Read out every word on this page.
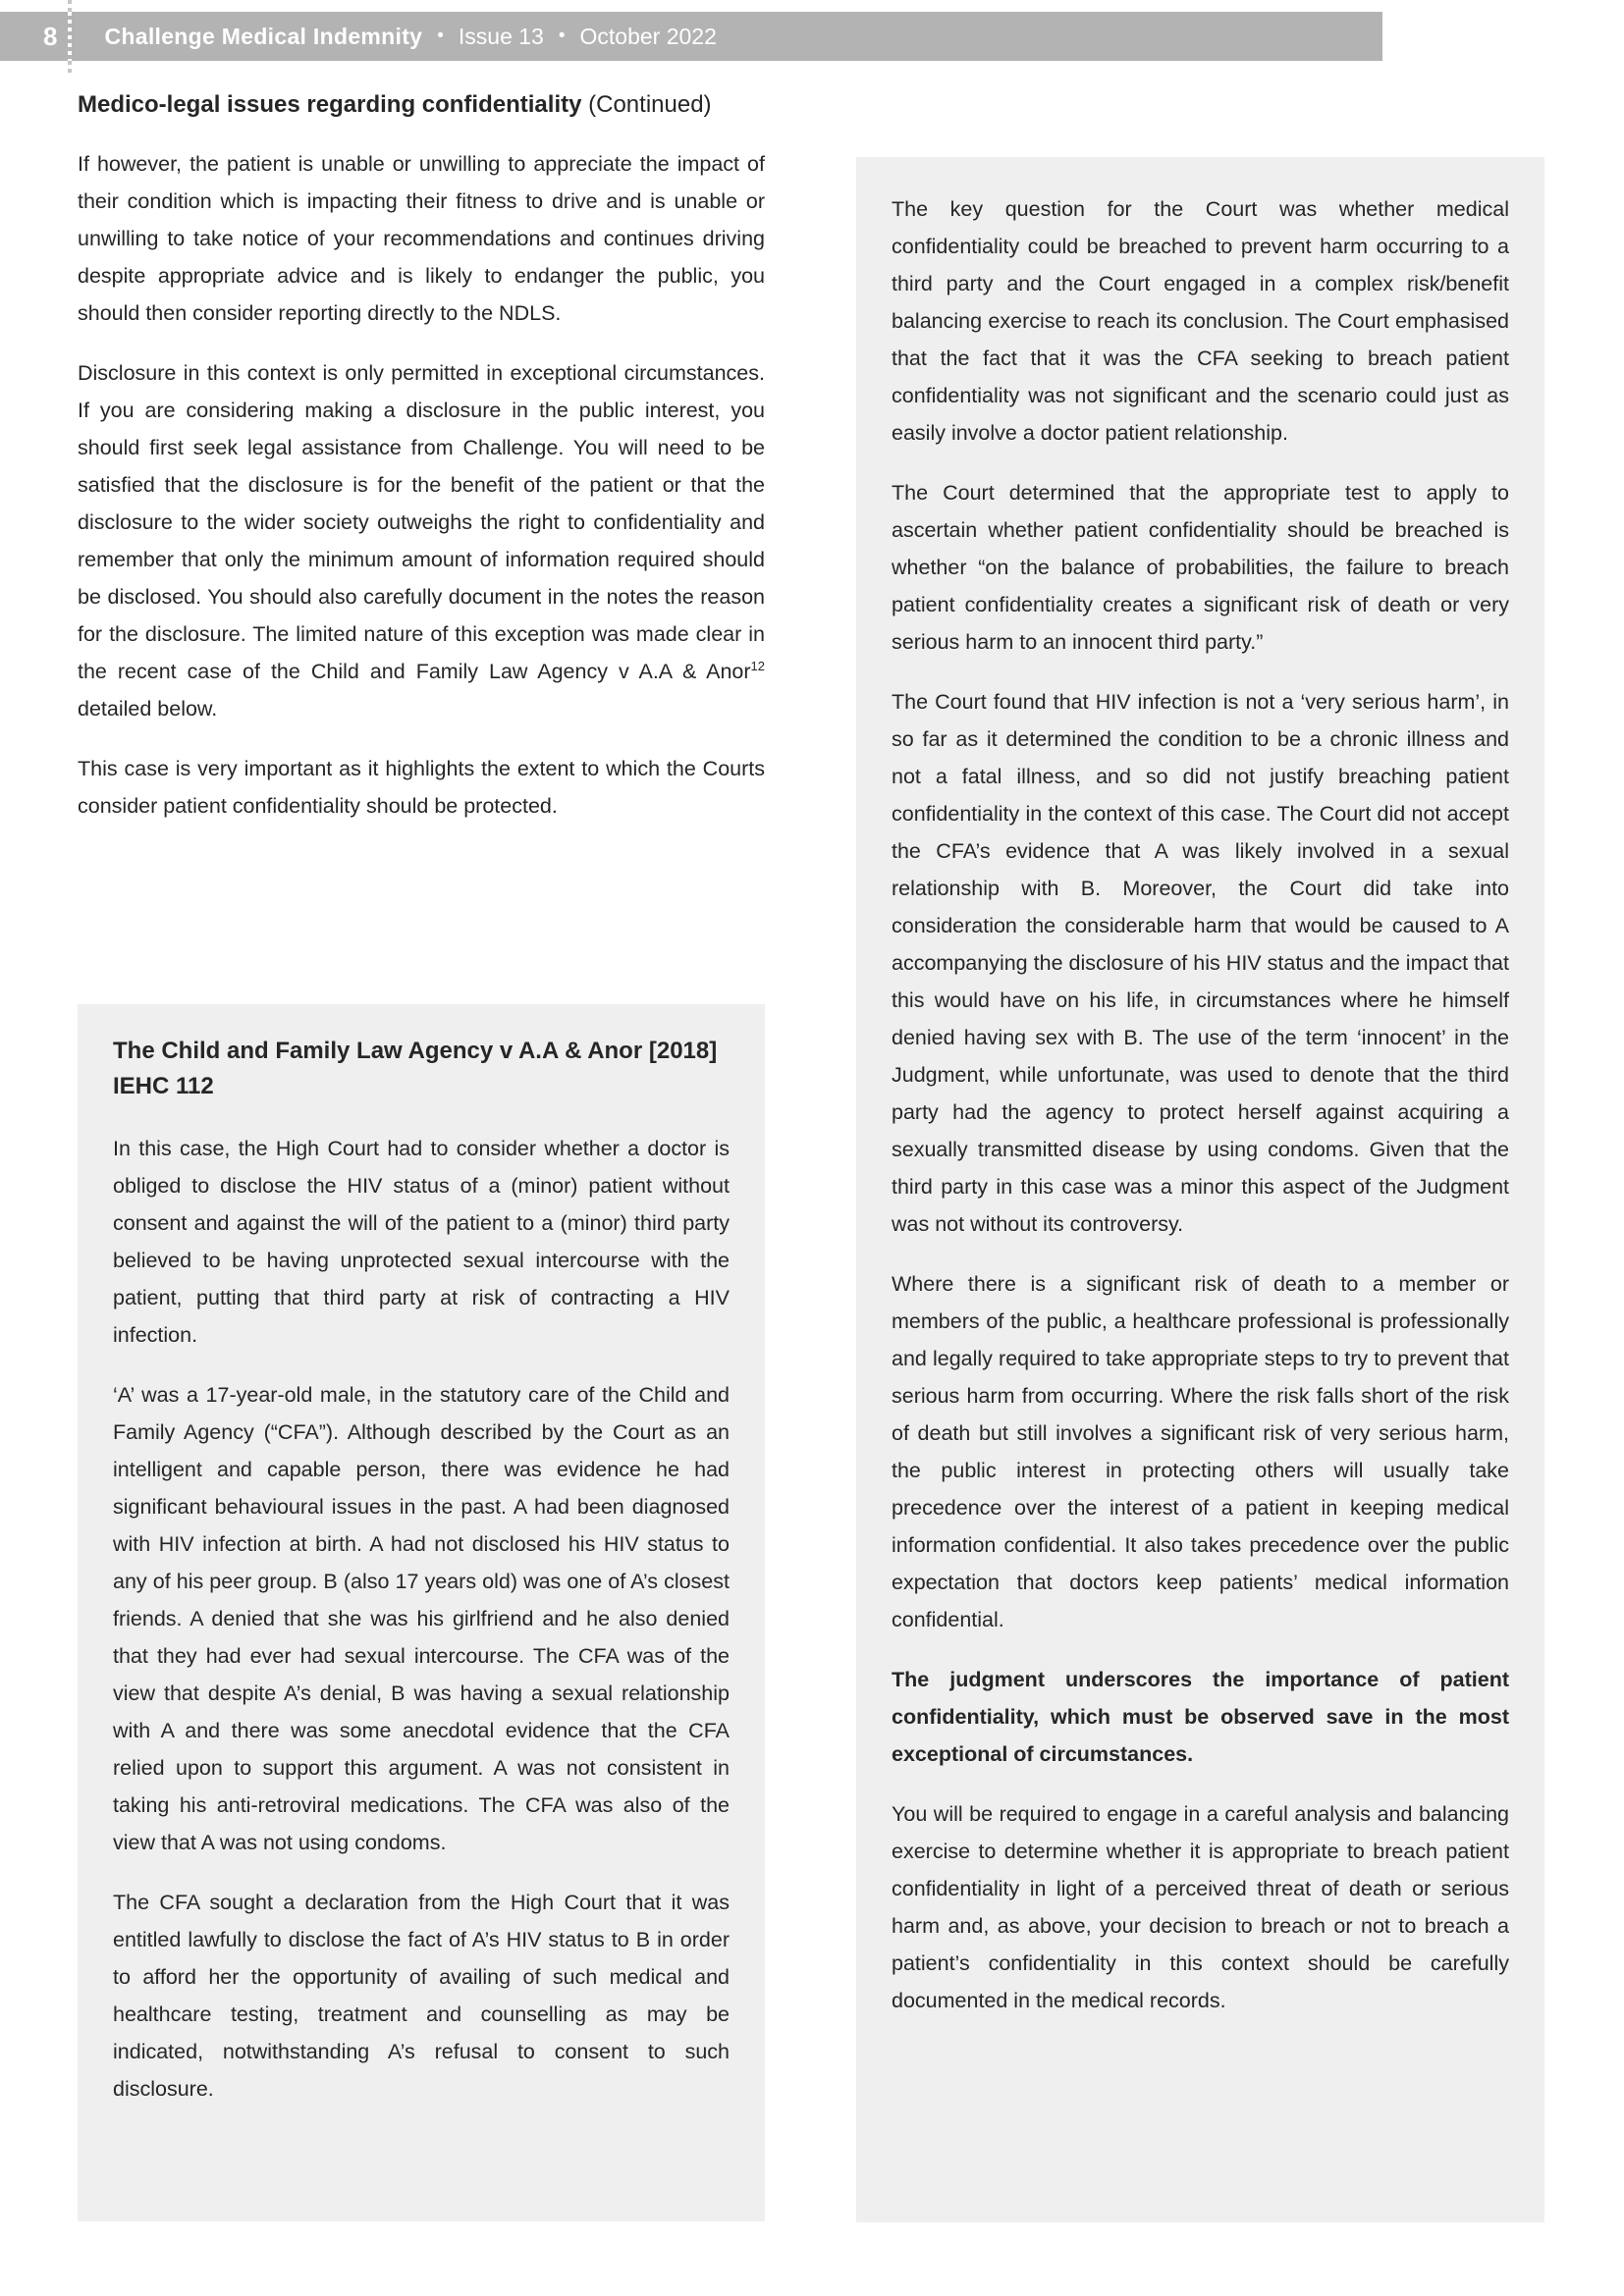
8 Challenge Medical Indemnity • Issue 13 • October 2022
Medico-legal issues regarding confidentiality (Continued)

If however, the patient is unable or unwilling to appreciate the impact of their condition which is impacting their fitness to drive and is unable or unwilling to take notice of your recommendations and continues driving despite appropriate advice and is likely to endanger the public, you should then consider reporting directly to the NDLS.

Disclosure in this context is only permitted in exceptional circumstances. If you are considering making a disclosure in the public interest, you should first seek legal assistance from Challenge. You will need to be satisfied that the disclosure is for the benefit of the patient or that the disclosure to the wider society outweighs the right to confidentiality and remember that only the minimum amount of information required should be disclosed. You should also carefully document in the notes the reason for the disclosure. The limited nature of this exception was made clear in the recent case of the Child and Family Law Agency v A.A & Anor$^{12}$ detailed below.

This case is very important as it highlights the extent to which the Courts consider patient confidentiality should be protected.

The Child and Family Law Agency v A.A & Anor [2018] IEHC 112

In this case, the High Court had to consider whether a doctor is obliged to disclose the HIV status of a (minor) patient without consent and against the will of the patient to a (minor) third party believed to be having unprotected sexual intercourse with the patient, putting that third party at risk of contracting a HIV infection.

‘A’ was a 17-year-old male, in the statutory care of the Child and Family Agency (“CFA”). Although described by the Court as an intelligent and capable person, there was evidence he had significant behavioural issues in the past. A had been diagnosed with HIV infection at birth. A had not disclosed his HIV status to any of his peer group. B (also 17 years old) was one of A’s closest friends. A denied that she was his girlfriend and he also denied that they had ever had sexual intercourse. The CFA was of the view that despite A’s denial, B was having a sexual relationship with A and there was some anecdotal evidence that the CFA relied upon to support this argument. A was not consistent in taking his anti-retroviral medications. The CFA was also of the view that A was not using condoms.

The CFA sought a declaration from the High Court that it was entitled lawfully to disclose the fact of A’s HIV status to B in order to afford her the opportunity of availing of such medical and healthcare testing, treatment and counselling as may be indicated, notwithstanding A’s refusal to consent to such disclosure.

The key question for the Court was whether medical confidentiality could be breached to prevent harm occurring to a third party and the Court engaged in a complex risk/benefit balancing exercise to reach its conclusion. The Court emphasised that the fact that it was the CFA seeking to breach patient confidentiality was not significant and the scenario could just as easily involve a doctor patient relationship.

The Court determined that the appropriate test to apply to ascertain whether patient confidentiality should be breached is whether “on the balance of probabilities, the failure to breach patient confidentiality creates a significant risk of death or very serious harm to an innocent third party.”

The Court found that HIV infection is not a ‘very serious harm’, in so far as it determined the condition to be a chronic illness and not a fatal illness, and so did not justify breaching patient confidentiality in the context of this case. The Court did not accept the CFA’s evidence that A was likely involved in a sexual relationship with B. Moreover, the Court did take into consideration the considerable harm that would be caused to A accompanying the disclosure of his HIV status and the impact that this would have on his life, in circumstances where he himself denied having sex with B. The use of the term ‘innocent’ in the Judgment, while unfortunate, was used to denote that the third party had the agency to protect herself against acquiring a sexually transmitted disease by using condoms. Given that the third party in this case was a minor this aspect of the Judgment was not without its controversy.

Where there is a significant risk of death to a member or members of the public, a healthcare professional is professionally and legally required to take appropriate steps to try to prevent that serious harm from occurring. Where the risk falls short of the risk of death but still involves a significant risk of very serious harm, the public interest in protecting others will usually take precedence over the interest of a patient in keeping medical information confidential. It also takes precedence over the public expectation that doctors keep patients’ medical information confidential.

The judgment underscores the importance of patient confidentiality, which must be observed save in the most exceptional of circumstances.

You will be required to engage in a careful analysis and balancing exercise to determine whether it is appropriate to breach patient confidentiality in light of a perceived threat of death or serious harm and, as above, your decision to breach or not to breach a patient’s confidentiality in this context should be carefully documented in the medical records.
